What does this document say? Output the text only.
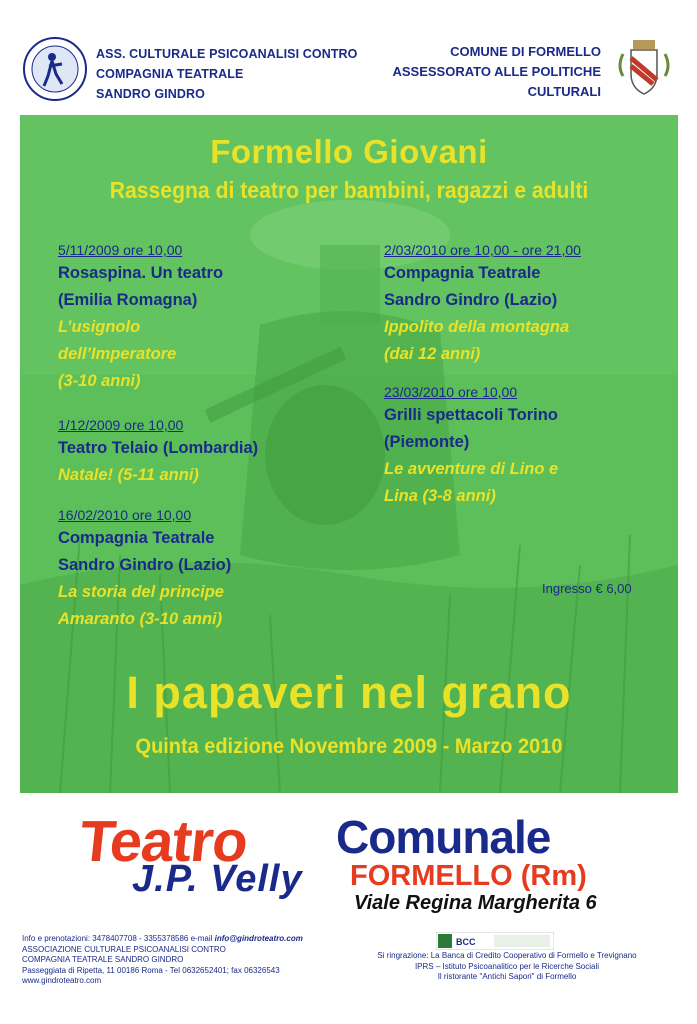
ASS. CULTURALE PSICOANALISI CONTRO
COMPAGNIA TEATRALE
SANDRO GINDRO
COMUNE DI FORMELLO
ASSESSORATO ALLE POLITICHE
CULTURALI
Formello Giovani
Rassegna di teatro per bambini, ragazzi e adulti
5/11/2009 ore 10,00
Rosaspina. Un teatro
(Emilia Romagna)
L’usignolo
dell’Imperatore
(3-10 anni)
1/12/2009 ore 10,00
Teatro Telaio (Lombardia)
Natale! (5-11 anni)
16/02/2010 ore 10,00
Compagnia Teatrale
Sandro Gindro (Lazio)
La storia del principe
Amaranto (3-10 anni)
2/03/2010 ore 10,00 - ore 21,00
Compagnia Teatrale
Sandro Gindro (Lazio)
Ippolito della montagna
(dai 12 anni)
23/03/2010 ore 10,00
Grilli spettacoli Torino
(Piemonte)
Le avventure di Lino e
Lina (3-8 anni)
Ingresso € 6,00
I papaveri nel grano
Quinta edizione Novembre 2009 - Marzo 2010
Teatro Comunale
J.P. Velly FORMELLO (Rm)
Viale Regina Margherita 6
Info e prenotazioni: 3478407708 - 3355378586 e-mail info@gindroteatro.com
ASSOCIAZIONE CULTURALE PSICOANALISI CONTRO
COMPAGNIA TEATRALE SANDRO GINDRO
Passeggiata di Ripetta, 11 00186 Roma - Tel 0632652401; fax 06326543
www.gindroteatro.com
BCC
Si ringrazione: La Banca di Credito Cooperativo di Formello e Trevignano
IPRS – Istituto Psicoanalitico per le Ricerche Sociali
Il ristorante "Antichi Sapori" di Formello
